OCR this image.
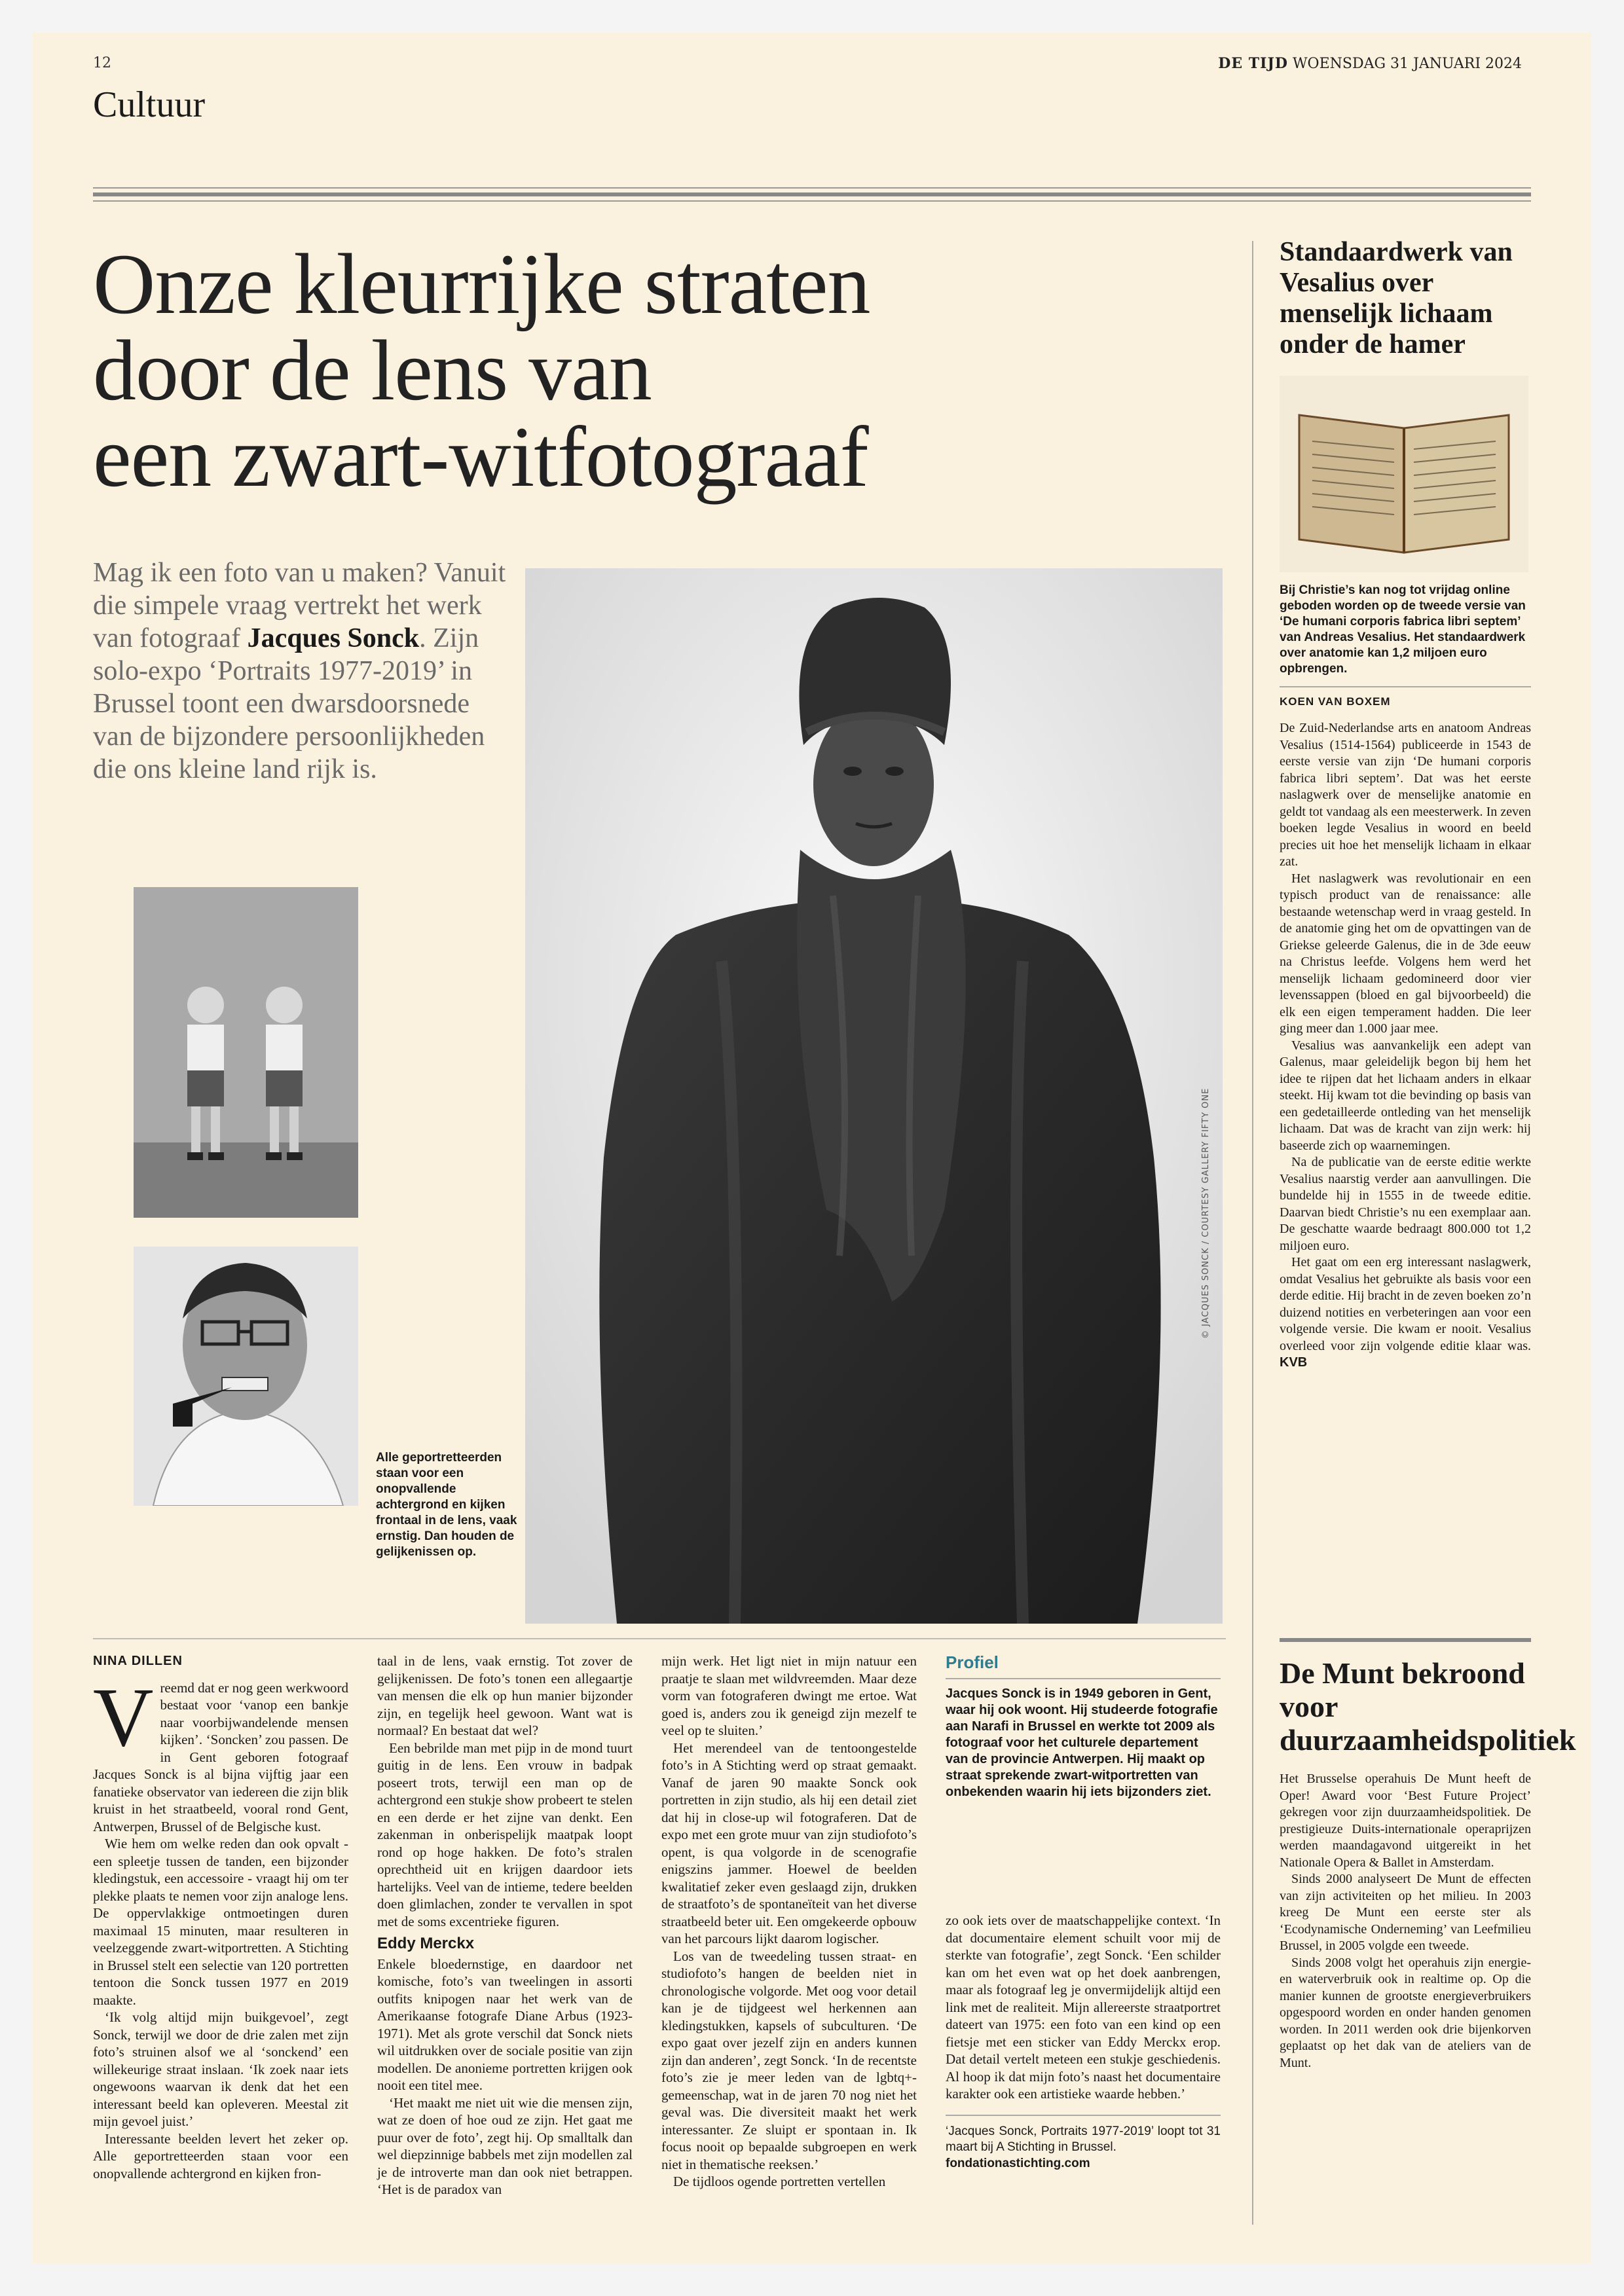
12	DE TIJD WOENSDAG 31 JANUARI 2024
Cultuur
Onze kleurrijke straten
door de lens van
een zwart-witfotograaf
Mag ik een foto van u maken? Vanuit die simpele vraag vertrekt het werk van fotograaf Jacques Sonck. Zijn solo-expo ‘Portraits 1977-2019’ in Brussel toont een dwarsdoorsnede van de bijzondere persoonlijkheden die ons kleine land rijk is.
© JACQUES SONCK / COURTESY GALLERY FIFTY ONE
Alle geportretteerden staan voor een onopvallende achtergrond en kijken frontaal in de lens, vaak ernstig. Dan houden de gelijkenissen op.
NINA DILLEN

Vreemd dat er nog geen werkwoord bestaat voor ‘vanop een bankje naar voorbijwandelende mensen kijken’. ‘Soncken’ zou passen. De in Gent geboren fotograaf Jacques Sonck is al bijna vijftig jaar een fanatieke observator van iedereen die zijn blik kruist in het straatbeeld, vooral rond Gent, Antwerpen, Brussel of de Belgische kust.

Wie hem om welke reden dan ook opvalt - een spleetje tussen de tanden, een bijzonder kledingstuk, een accessoire - vraagt hij om ter plekke plaats te nemen voor zijn analoge lens. De oppervlakkige ontmoetingen duren maximaal 15 minuten, maar resulteren in veelzeggende zwart-witportretten. A Stichting in Brussel stelt een selectie van 120 portretten tentoon die Sonck tussen 1977 en 2019 maakte.

‘Ik volg altijd mijn buikgevoel’, zegt Sonck, terwijl we door de drie zalen met zijn foto’s struinen alsof we al ‘sonckend’ een willekeurige straat inslaan. ‘Ik zoek naar iets ongewoons waarvan ik denk dat het een interessant beeld kan opleveren. Meestal zit mijn gevoel juist.’

Interessante beelden levert het zeker op. Alle geportretteerden staan voor een onopvallende achtergrond en kijken fron-

taal in de lens, vaak ernstig. Tot zover de gelijkenissen. De foto’s tonen een allegaartje van mensen die elk op hun manier bijzonder zijn, en tegelijk heel gewoon. Want wat is normaal? En bestaat dat wel?

Een bebrilde man met pijp in de mond tuurt guitig in de lens. Een vrouw in badpak poseert trots, terwijl een man op de achtergrond een stukje show probeert te stelen en een derde er het zijne van denkt. Een zakenman in onberispelijk maatpak loopt rond op hoge hakken. De foto’s stralen oprechtheid uit en krijgen daardoor iets hartelijks. Veel van de intieme, tedere beelden doen glimlachen, zonder te vervallen in spot met de soms excentrieke figuren.

Eddy Merckx

Enkele bloedernstige, en daardoor net komische, foto’s van tweelingen in assorti outfits knipogen naar het werk van de Amerikaanse fotografe Diane Arbus (1923-1971). Met als grote verschil dat Sonck niets wil uitdrukken over de sociale positie van zijn modellen. De anonieme portretten krijgen ook nooit een titel mee.

‘Het maakt me niet uit wie die mensen zijn, wat ze doen of hoe oud ze zijn. Het gaat me puur over de foto’, zegt hij. Op smalltalk dan wel diepzinnige babbels met zijn modellen zal je de introverte man dan ook niet betrappen. ‘Het is de paradox van

mijn werk. Het ligt niet in mijn natuur een praatje te slaan met wildvreemden. Maar deze vorm van fotograferen dwingt me ertoe. Wat goed is, anders zou ik geneigd zijn mezelf te veel op te sluiten.’

Het merendeel van de tentoongestelde foto’s in A Stichting werd op straat gemaakt. Vanaf de jaren 90 maakte Sonck ook portretten in zijn studio, als hij een detail ziet dat hij in close-up wil fotograferen. Dat de expo met een grote muur van zijn studiofoto’s opent, is qua volgorde in de scenografie enigszins jammer. Hoewel de beelden kwalitatief zeker even geslaagd zijn, drukken de straatfoto’s de spontaneïteit van het diverse straatbeeld beter uit. Een omgekeerde opbouw van het parcours lijkt daarom logischer.

Los van de tweedeling tussen straat- en studiofoto’s hangen de beelden niet in chronologische volgorde. Met oog voor detail kan je de tijdgeest wel herkennen aan kledingstukken, kapsels of subculturen. ‘De expo gaat over jezelf zijn en anders kunnen zijn dan anderen’, zegt Sonck. ‘In de recentste foto’s zie je meer leden van de lgbtq+-gemeenschap, wat in de jaren 70 nog niet het geval was. Die diversiteit maakt het werk interessanter. Ze sluipt er spontaan in. Ik focus nooit op bepaalde subgroepen en werk niet in thematische reeksen.’

De tijdloos ogende portretten vertellen

Profiel
Jacques Sonck is in 1949 geboren in Gent, waar hij ook woont. Hij studeerde fotografie aan Narafi in Brussel en werkte tot 2009 als fotograaf voor het culturele departement van de provincie Antwerpen. Hij maakt op straat sprekende zwart-witportretten van onbekenden waarin hij iets bijzonders ziet.

zo ook iets over de maatschappelijke context. ‘In dat documentaire element schuilt voor mij de sterkte van fotografie’, zegt Sonck. ‘Een schilder kan om het even wat op het doek aanbrengen, maar als fotograaf leg je onvermijdelijk altijd een link met de realiteit. Mijn allereerste straatportret dateert van 1975: een foto van een kind op een fietsje met een sticker van Eddy Merckx erop. Dat detail vertelt meteen een stukje geschiedenis. Al hoop ik dat mijn foto’s naast het documentaire karakter ook een artistieke waarde hebben.’

‘Jacques Sonck, Portraits 1977-2019’ loopt tot 31 maart bij A Stichting in Brussel.
fondationastichting.com
Standaardwerk van Vesalius over menselijk lichaam onder de hamer
Bij Christie’s kan nog tot vrijdag online geboden worden op de tweede versie van ‘De humani corporis fabrica libri septem’ van Andreas Vesalius. Het standaardwerk over anatomie kan 1,2 miljoen euro opbrengen.
KOEN VAN BOXEM

De Zuid-Nederlandse arts en anatoom Andreas Vesalius (1514-1564) publiceerde in 1543 de eerste versie van zijn ‘De humani corporis fabrica libri septem’. Dat was het eerste naslagwerk over de menselijke anatomie en geldt tot vandaag als een meesterwerk. In zeven boeken legde Vesalius in woord en beeld precies uit hoe het menselijk lichaam in elkaar zat.

Het naslagwerk was revolutionair en een typisch product van de renaissance: alle bestaande wetenschap werd in vraag gesteld. In de anatomie ging het om de opvattingen van de Griekse geleerde Galenus, die in de 3de eeuw na Christus leefde. Volgens hem werd het menselijk lichaam gedomineerd door vier levenssappen (bloed en gal bijvoorbeeld) die elk een eigen temperament hadden. Die leer ging meer dan 1.000 jaar mee.

Vesalius was aanvankelijk een adept van Galenus, maar geleidelijk begon bij hem het idee te rijpen dat het lichaam anders in elkaar steekt. Hij kwam tot die bevinding op basis van een gedetailleerde ontleding van het menselijk lichaam. Dat was de kracht van zijn werk: hij baseerde zich op waarnemingen.

Na de publicatie van de eerste editie werkte Vesalius naarstig verder aan aanvullingen. Die bundelde hij in 1555 in de tweede editie. Daarvan biedt Christie’s nu een exemplaar aan. De geschatte waarde bedraagt 800.000 tot 1,2 miljoen euro.

Het gaat om een erg interessant naslagwerk, omdat Vesalius het gebruikte als basis voor een derde editie. Hij bracht in de zeven boeken zo’n duizend notities en verbeteringen aan voor een volgende versie. Die kwam er nooit. Vesalius overleed voor zijn volgende editie klaar was. KVB

De Munt bekroond voor duurzaamheidspolitiek

Het Brusselse operahuis De Munt heeft de Oper! Award voor ‘Best Future Project’ gekregen voor zijn duurzaamheidspolitiek. De prestigieuze Duits-internationale operaprijzen werden maandagavond uitgereikt in het Nationale Opera & Ballet in Amsterdam.

Sinds 2000 analyseert De Munt de effecten van zijn activiteiten op het milieu. In 2003 kreeg De Munt een eerste ster als ‘Ecodynamische Onderneming’ van Leefmilieu Brussel, in 2005 volgde een tweede.

Sinds 2008 volgt het operahuis zijn energie- en waterverbruik ook in realtime op. Op die manier kunnen de grootste energieverbruikers opgespoord worden en onder handen genomen worden. In 2011 werden ook drie bijenkorven geplaatst op het dak van de ateliers van de Munt.
